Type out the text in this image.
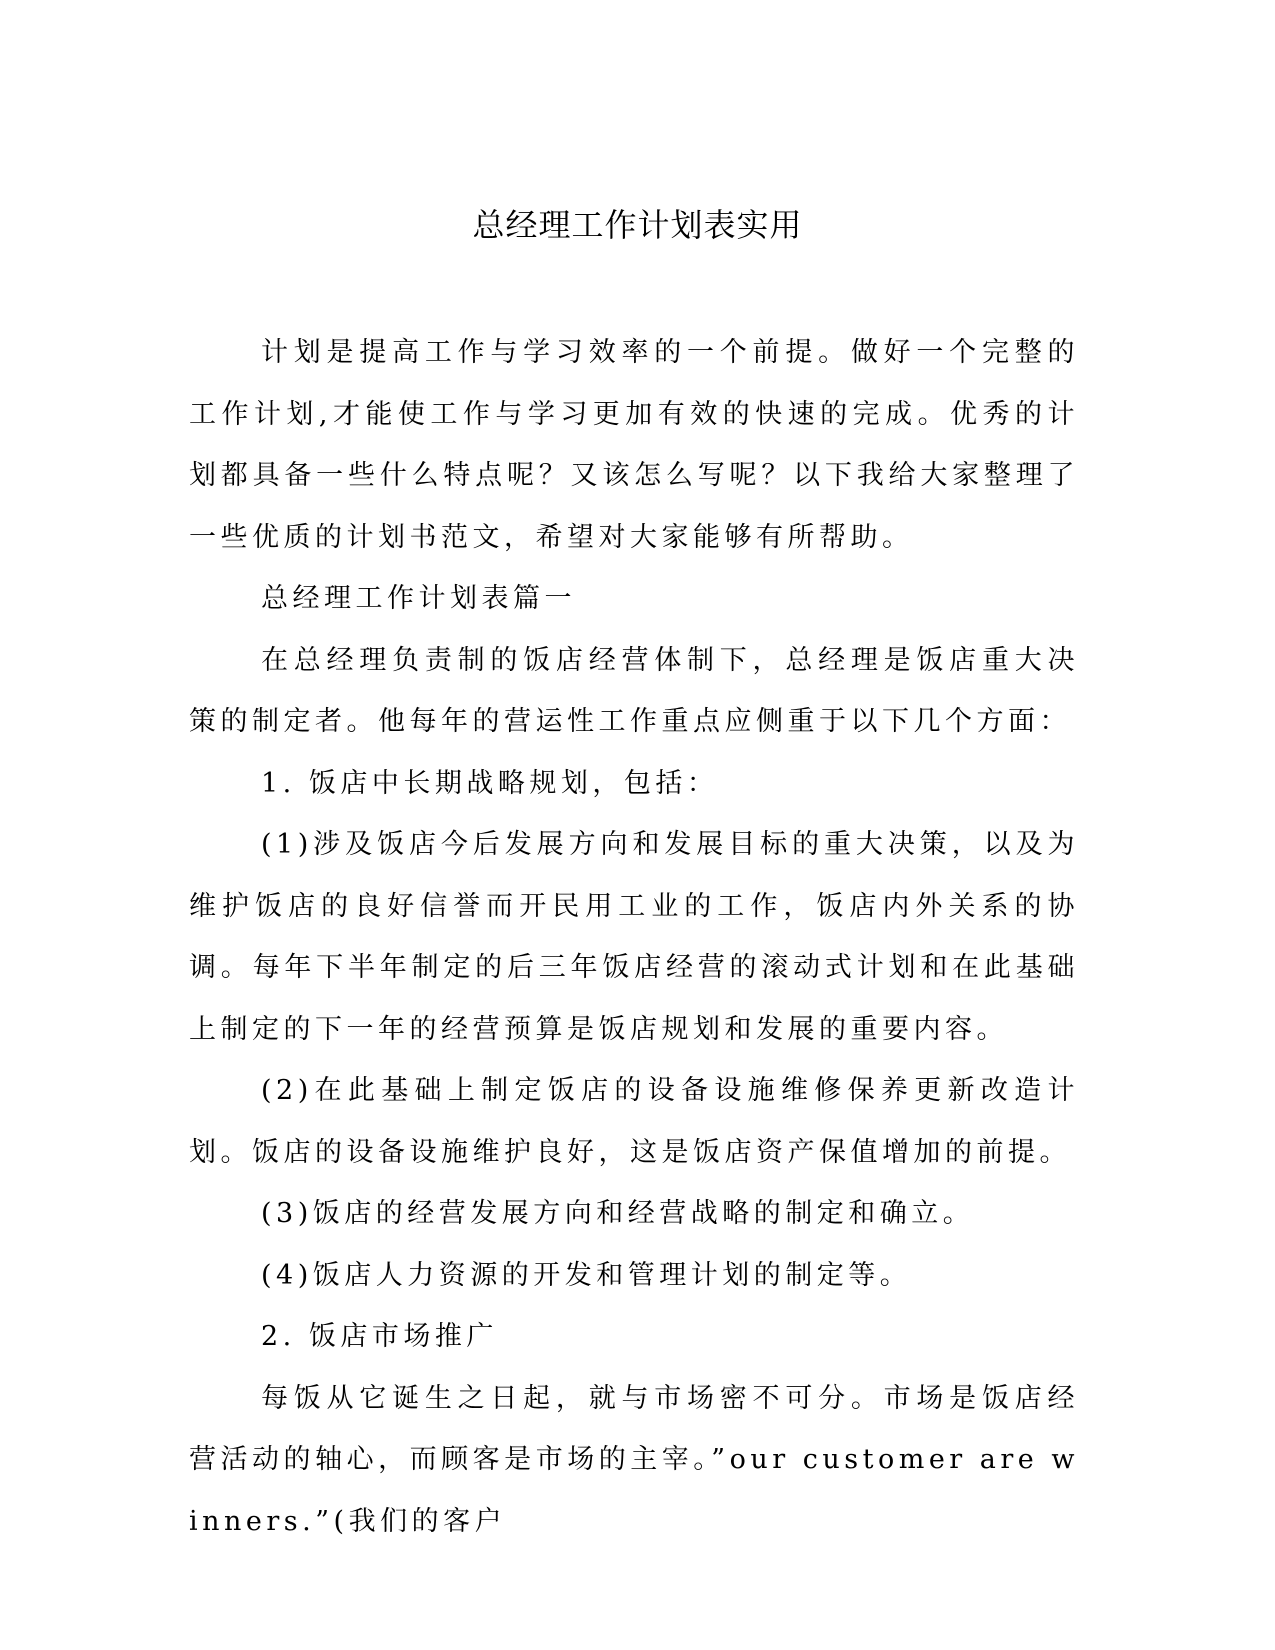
总经理工作计划表实用

计划是提高工作与学习效率的一个前提。做好一个完整的工作计划,才能使工作与学习更加有效的快速的完成。优秀的计划都具备一些什么特点呢？又该怎么写呢？以下我给大家整理了一些优质的计划书范文，希望对大家能够有所帮助。

总经理工作计划表篇一

在总经理负责制的饭店经营体制下，总经理是饭店重大决策的制定者。他每年的营运性工作重点应侧重于以下几个方面：

1. 饭店中长期战略规划，包括：

(1)涉及饭店今后发展方向和发展目标的重大决策，以及为维护饭店的良好信誉而开民用工业的工作，饭店内外关系的协调。每年下半年制定的后三年饭店经营的滚动式计划和在此基础上制定的下一年的经营预算是饭店规划和发展的重要内容。

(2)在此基础上制定饭店的设备设施维修保养更新改造计划。饭店的设备设施维护良好，这是饭店资产保值增加的前提。

(3)饭店的经营发展方向和经营战略的制定和确立。

(4)饭店人力资源的开发和管理计划的制定等。

2. 饭店市场推广

每饭从它诞生之日起，就与市场密不可分。市场是饭店经营活动的轴心，而顾客是市场的主宰。”our customer are winners.”(我们的客户
